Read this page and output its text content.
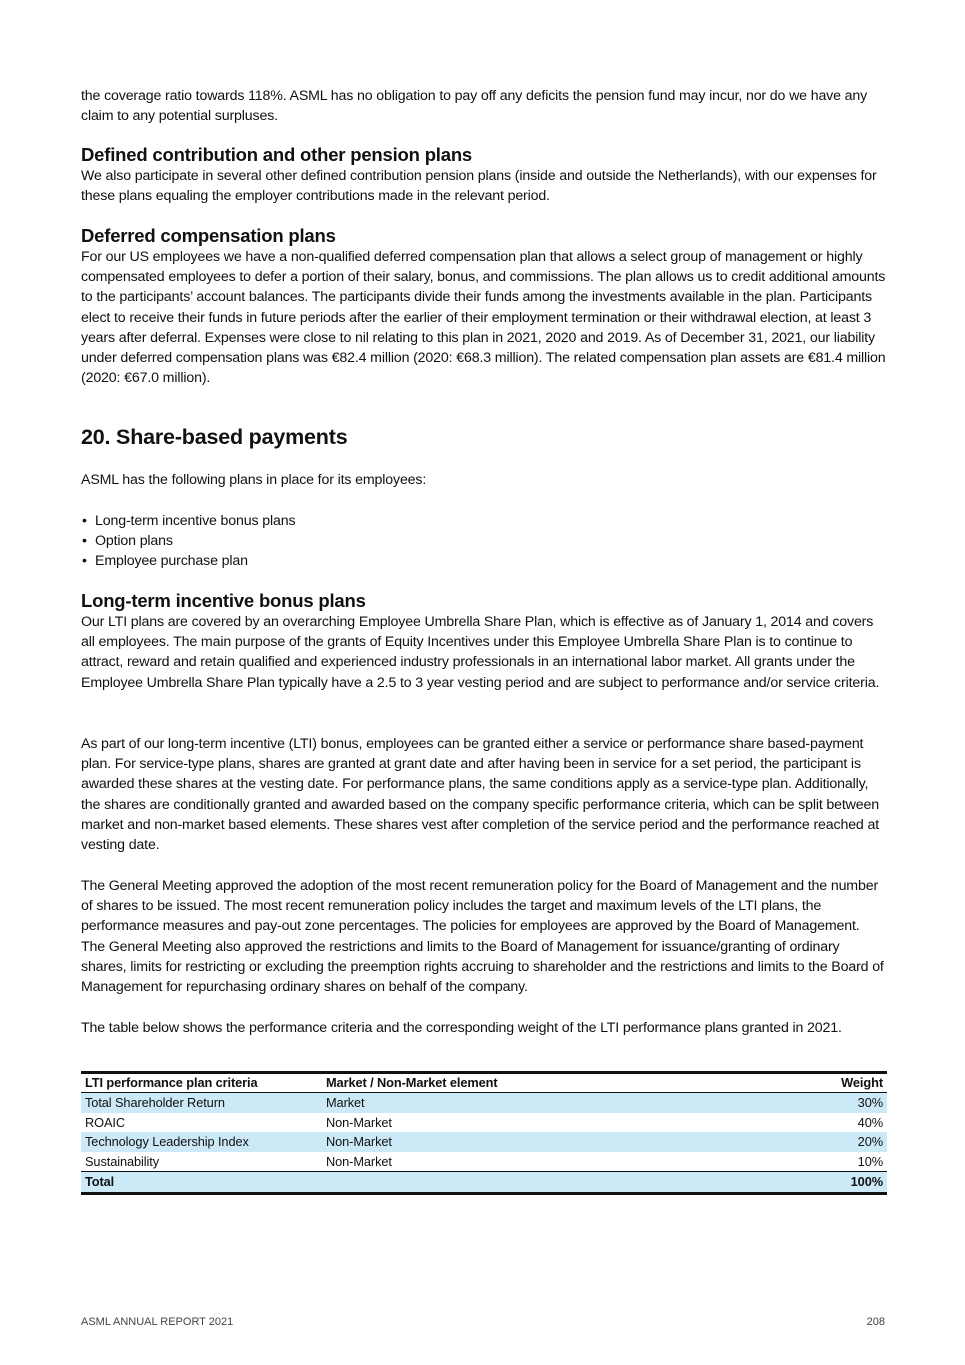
the coverage ratio towards 118%. ASML has no obligation to pay off any deficits the pension fund may incur, nor do we have any claim to any potential surpluses.

Defined contribution and other pension plans

We also participate in several other defined contribution pension plans (inside and outside the Netherlands), with our expenses for these plans equaling the employer contributions made in the relevant period.

Deferred compensation plans

For our US employees we have a non-qualified deferred compensation plan that allows a select group of management or highly compensated employees to defer a portion of their salary, bonus, and commissions. The plan allows us to credit additional amounts to the participants’ account balances. The participants divide their funds among the investments available in the plan. Participants elect to receive their funds in future periods after the earlier of their employment termination or their withdrawal election, at least 3 years after deferral. Expenses were close to nil relating to this plan in 2021, 2020 and 2019. As of December 31, 2021, our liability under deferred compensation plans was €82.4 million (2020: €68.3 million). The related compensation plan assets are €81.4 million (2020: €67.0 million).

20. Share-based payments

ASML has the following plans in place for its employees:

• Long-term incentive bonus plans
• Option plans
• Employee purchase plan
Long-term incentive bonus plans

Our LTI plans are covered by an overarching Employee Umbrella Share Plan, which is effective as of January 1, 2014 and covers all employees. The main purpose of the grants of Equity Incentives under this Employee Umbrella Share Plan is to continue to attract, reward and retain qualified and experienced industry professionals in an international labor market. All grants under the Employee Umbrella Share Plan typically have a 2.5 to 3 year vesting period and are subject to performance and/or service criteria.

As part of our long-term incentive (LTI) bonus, employees can be granted either a service or performance share based-payment plan. For service-type plans, shares are granted at grant date and after having been in service for a set period, the participant is awarded these shares at the vesting date. For performance plans, the same conditions apply as a service-type plan. Additionally, the shares are conditionally granted and awarded based on the company specific performance criteria, which can be split between market and non-market based elements. These shares vest after completion of the service period and the performance reached at vesting date.

The General Meeting approved the adoption of the most recent remuneration policy for the Board of Management and the number of shares to be issued. The most recent remuneration policy includes the target and maximum levels of the LTI plans, the performance measures and pay-out zone percentages. The policies for employees are approved by the Board of Management. The General Meeting also approved the restrictions and limits to the Board of Management for issuance/granting of ordinary shares, limits for restricting or excluding the preemption rights accruing to shareholder and the restrictions and limits to the Board of Management for repurchasing ordinary shares on behalf of the company.

The table below shows the performance criteria and the corresponding weight of the LTI performance plans granted in 2021.

LTI performance plan criteria	Market / Non-Market element	Weight
Total Shareholder Return	Market	30%
ROAIC	Non-Market	40%
Technology Leadership Index	Non-Market	20%
Sustainability	Non-Market	10%
Total		100%
ASML ANNUAL REPORT 2021	208
